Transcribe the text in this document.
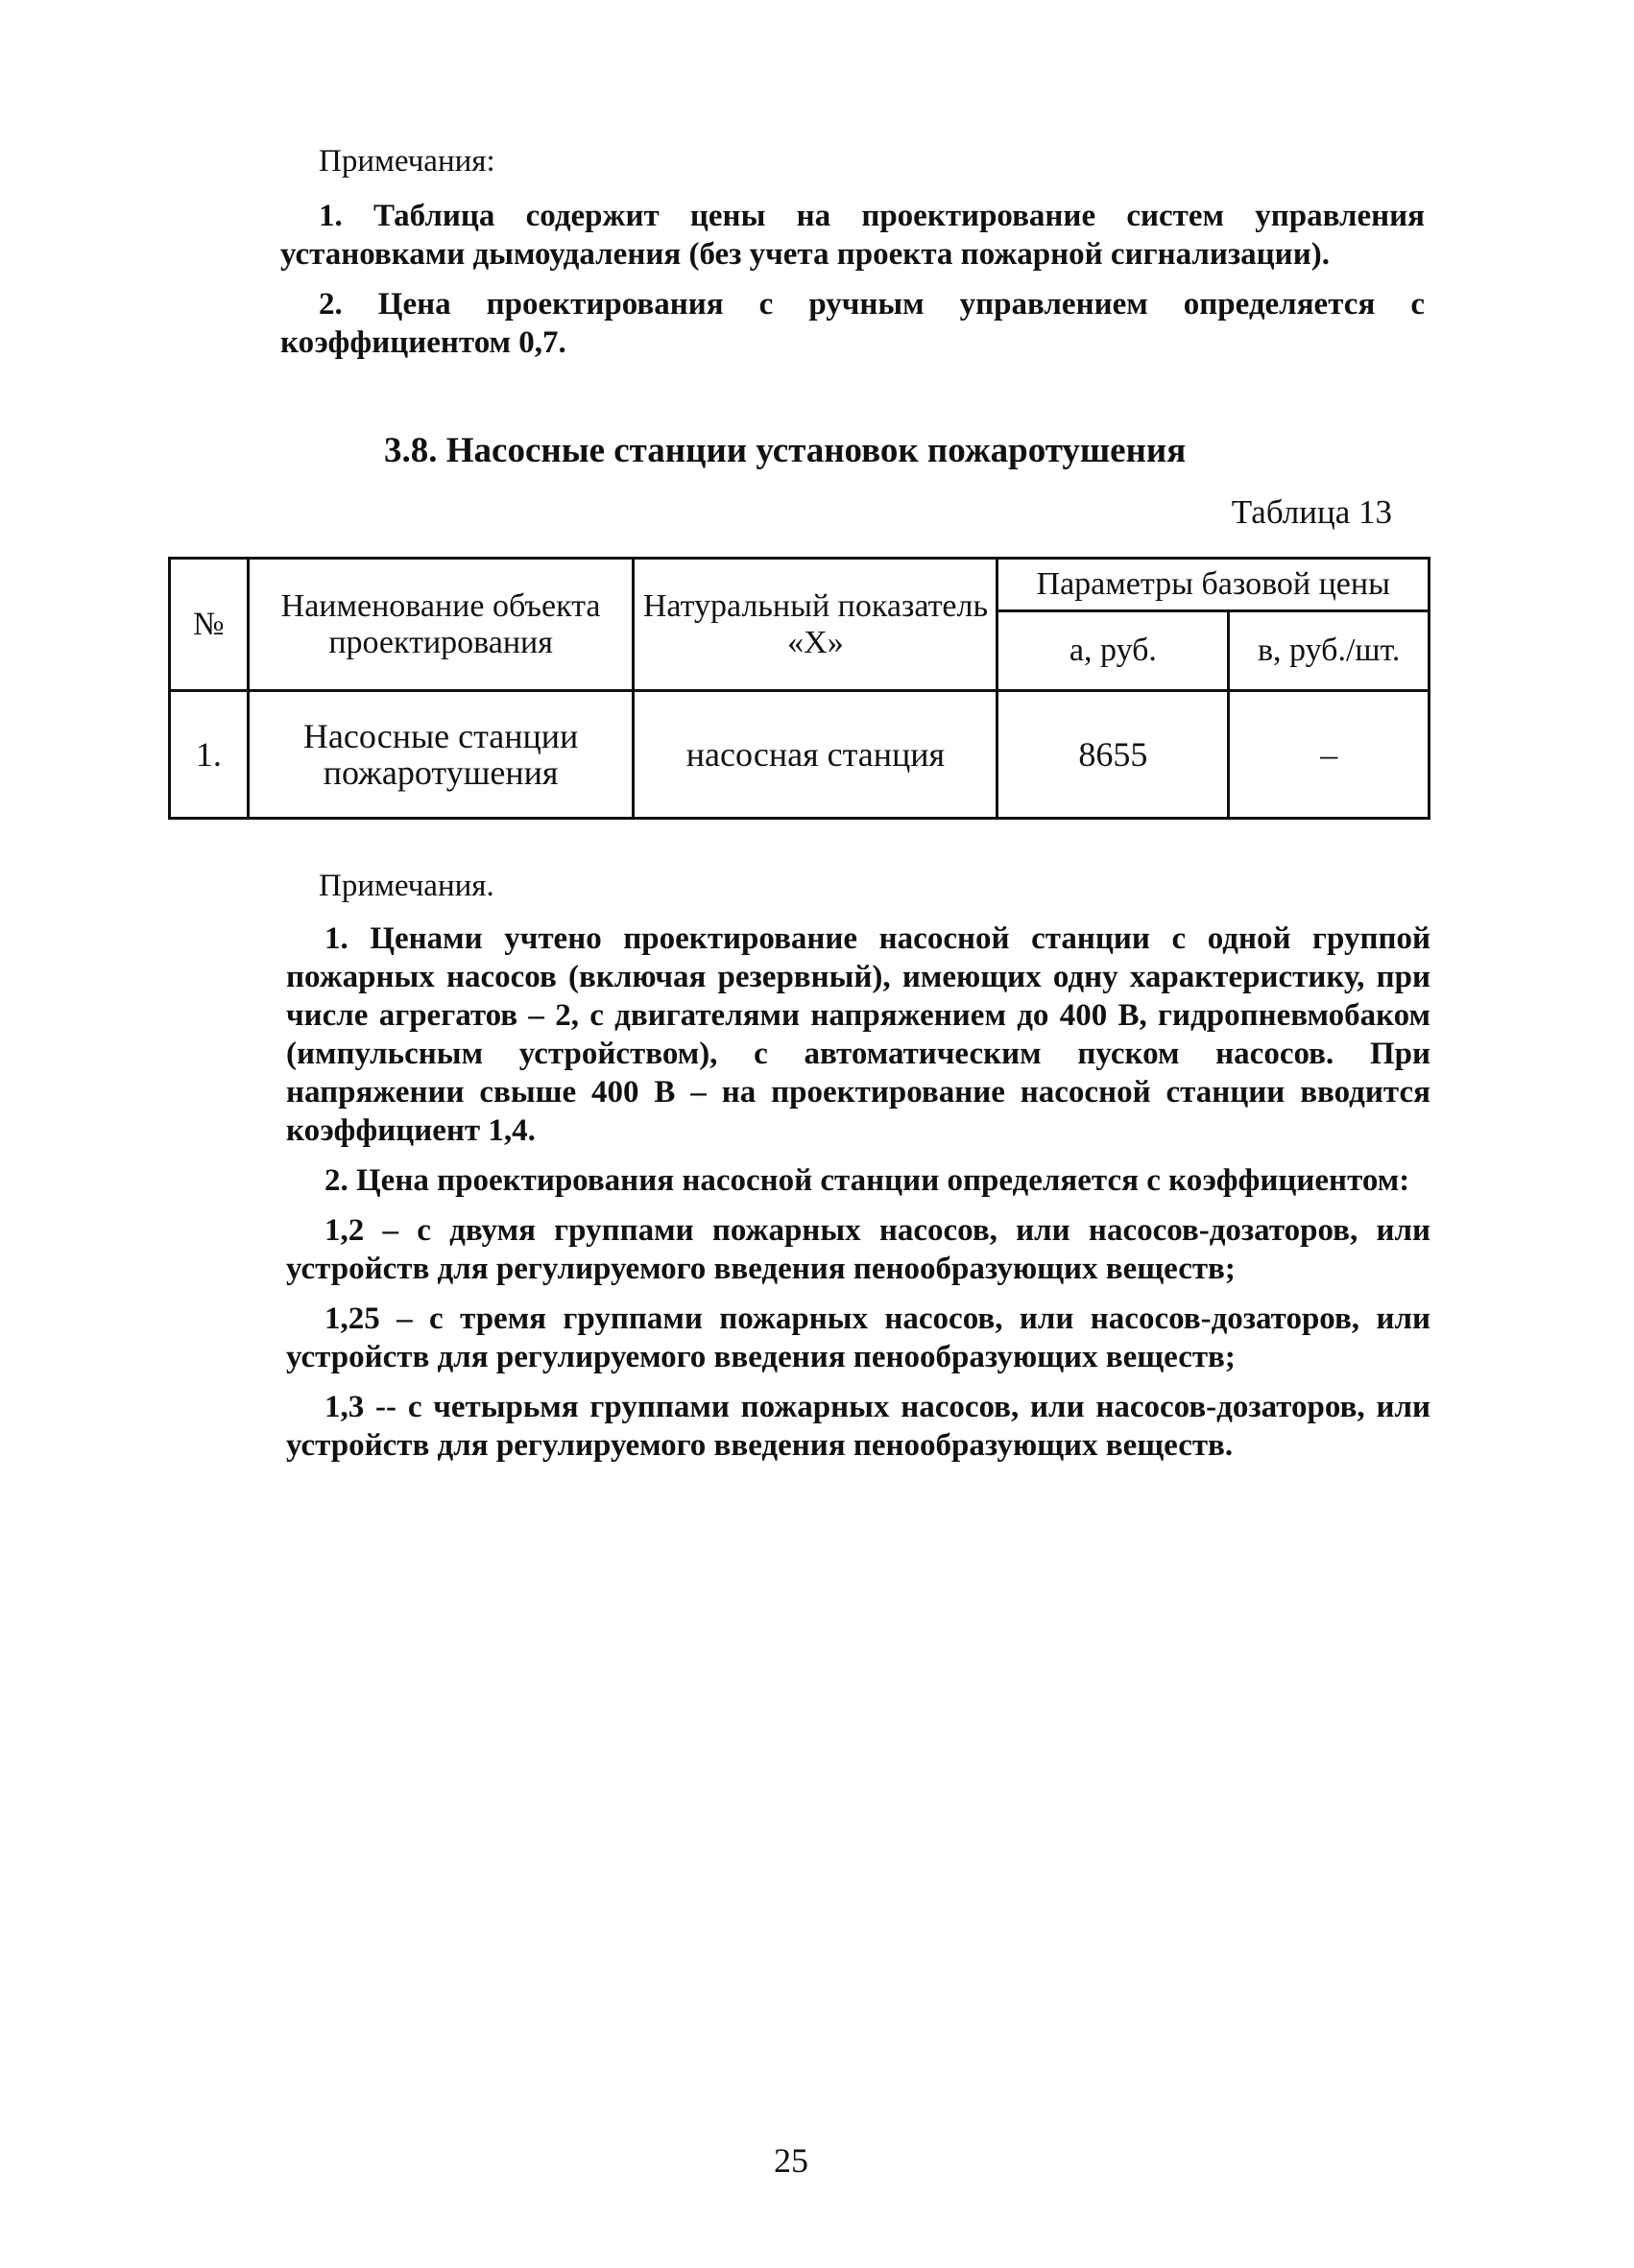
Примечания:

1. Таблица содержит цены на проектирование систем управления установками дымоудаления (без учета проекта пожарной сигнализации).

2. Цена проектирования с ручным управлением определяется с коэффициентом 0,7.

3.8. Насосные станции установок пожаротушения
Таблица 13
№	Наименование объекта проектирования	Натуральный показатель «Х»	Параметры базовой цены	
			а, руб.	в, руб./шт.
1.	Насосные станции пожаротушения	насосная станция	8655	–
Примечания.

1. Ценами учтено проектирование насосной станции с одной группой пожарных насосов (включая резервный), имеющих одну характеристику, при числе агрегатов – 2, с двигателями напряжением до 400 В, гидропневмобаком (импульсным устройством), с автоматическим пуском насосов. При напряжении свыше 400 В – на проектирование насосной станции вводится коэффициент 1,4.

2. Цена проектирования насосной станции определяется с коэффициентом:

1,2 – с двумя группами пожарных насосов, или насосов-дозаторов, или устройств для регулируемого введения пенообразующих веществ;

1,25 – с тремя группами пожарных насосов, или насосов-дозаторов, или устройств для регулируемого введения пенообразующих веществ;

1,3 -- с четырьмя группами пожарных насосов, или насосов-дозаторов, или устройств для регулируемого введения пенообразующих веществ.

25
